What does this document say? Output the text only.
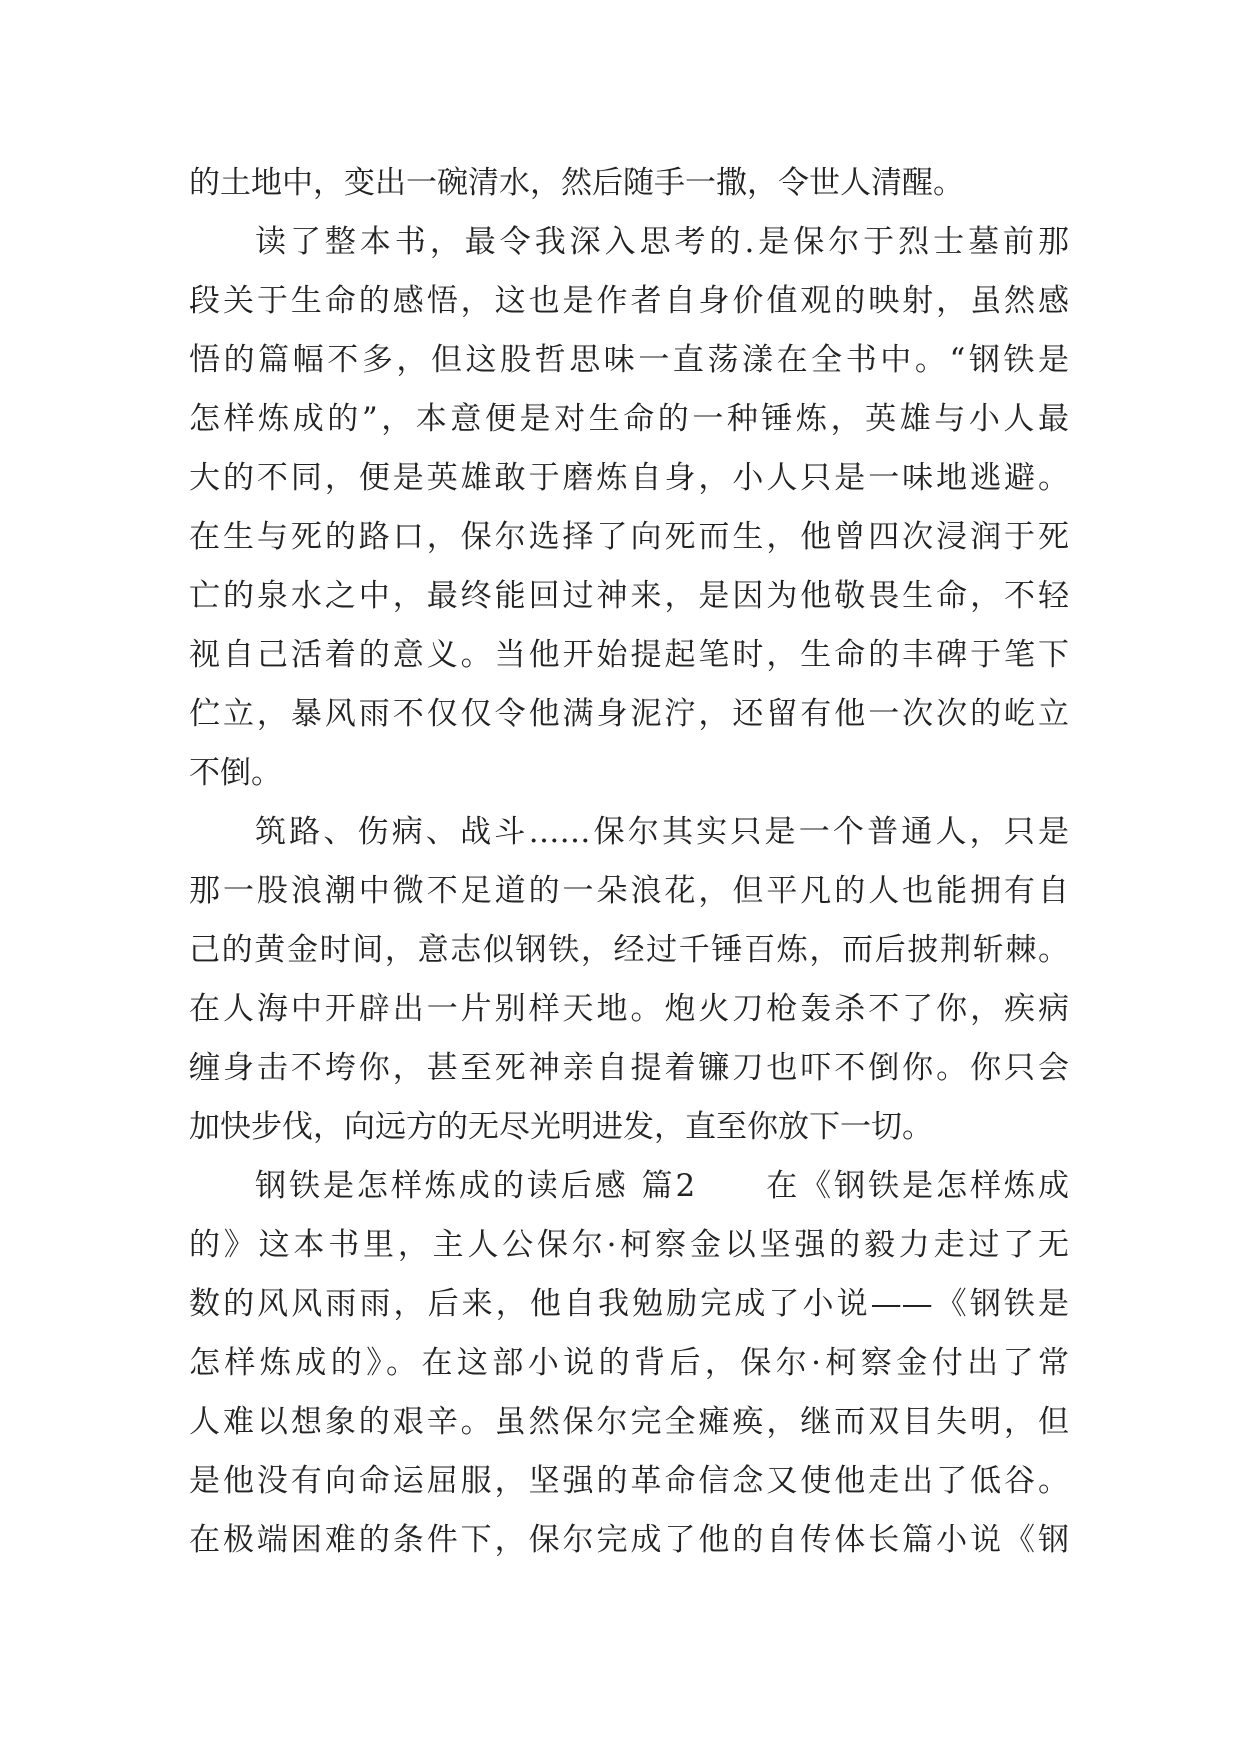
的土地中，变出一碗清水，然后随手一撒，令世人清醒。
读了整本书，最令我深入思考的.是保尔于烈士墓前那
段关于生命的感悟，这也是作者自身价值观的映射，虽然感
悟的篇幅不多，但这股哲思味一直荡漾在全书中。“钢铁是
怎样炼成的”，本意便是对生命的一种锤炼，英雄与小人最
大的不同，便是英雄敢于磨炼自身，小人只是一味地逃避。
在生与死的路口，保尔选择了向死而生，他曾四次浸润于死
亡的泉水之中，最终能回过神来，是因为他敬畏生命，不轻
视自己活着的意义。当他开始提起笔时，生命的丰碑于笔下
伫立，暴风雨不仅仅令他满身泥泞，还留有他一次次的屹立
不倒。
筑路、伤病、战斗……保尔其实只是一个普通人，只是
那一股浪潮中微不足道的一朵浪花，但平凡的人也能拥有自
己的黄金时间，意志似钢铁，经过千锤百炼，而后披荆斩棘。
在人海中开辟出一片别样天地。炮火刀枪轰杀不了你，疾病
缠身击不垮你，甚至死神亲自提着镰刀也吓不倒你。你只会
加快步伐，向远方的无尽光明进发，直至你放下一切。
钢铁是怎样炼成的读后感 篇2　　在《钢铁是怎样炼成
的》这本书里，主人公保尔·柯察金以坚强的毅力走过了无
数的风风雨雨，后来，他自我勉励完成了小说——《钢铁是
怎样炼成的》。在这部小说的背后，保尔·柯察金付出了常
人难以想象的艰辛。虽然保尔完全瘫痪，继而双目失明，但
是他没有向命运屈服，坚强的革命信念又使他走出了低谷。
在极端困难的条件下，保尔完成了他的自传体长篇小说《钢
